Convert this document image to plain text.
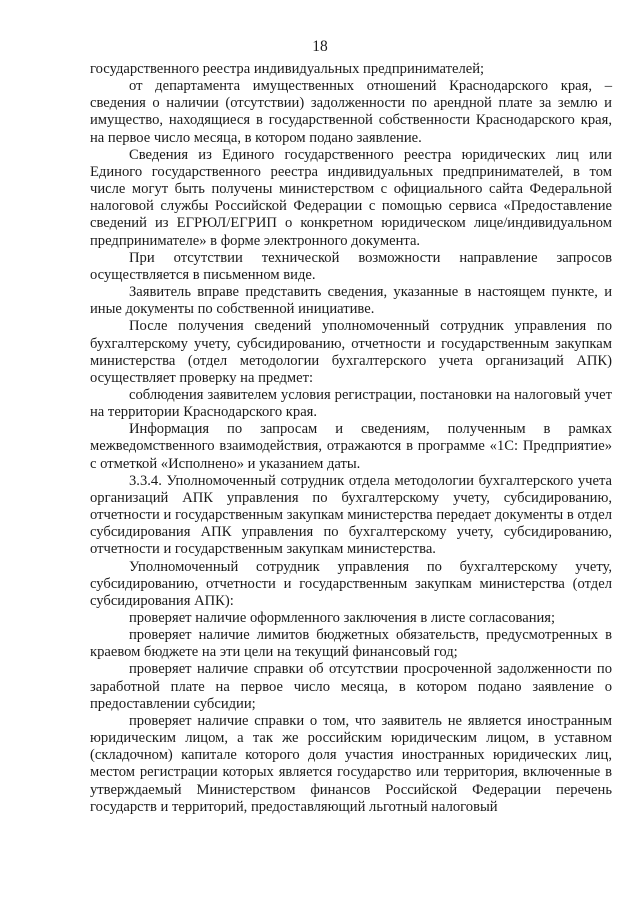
18

государственного реестра индивидуальных предпринимателей;

от департамента имущественных отношений Краснодарского края, – сведения о наличии (отсутствии) задолженности по арендной плате за землю и имущество, находящиеся в государственной собственности Краснодарского края, на первое число месяца, в котором подано заявление.

Сведения из Единого государственного реестра юридических лиц или Единого государственного реестра индивидуальных предпринимателей, в том числе могут быть получены министерством с официального сайта Федеральной налоговой службы Российской Федерации с помощью сервиса «Предоставление сведений из ЕГРЮЛ/ЕГРИП о конкретном юридическом лице/индивидуальном предпринимателе» в форме электронного документа.

При отсутствии технической возможности направление запросов осуществляется в письменном виде.

Заявитель вправе представить сведения, указанные в настоящем пункте, и иные документы по собственной инициативе.

После получения сведений уполномоченный сотрудник управления по бухгалтерскому учету, субсидированию, отчетности и государственным закупкам министерства (отдел методологии бухгалтерского учета организаций АПК) осуществляет проверку на предмет:

соблюдения заявителем условия регистрации, постановки на налоговый учет на территории Краснодарского края.

Информация по запросам и сведениям, полученным в рамках межведомственного взаимодействия, отражаются в программе «1С: Предприятие» с отметкой «Исполнено» и указанием даты.

3.3.4. Уполномоченный сотрудник отдела методологии бухгалтерского учета организаций АПК управления по бухгалтерскому учету, субсидированию, отчетности и государственным закупкам министерства передает документы в отдел субсидирования АПК управления по бухгалтерскому учету, субсидированию, отчетности и государственным закупкам министерства.

Уполномоченный сотрудник управления по бухгалтерскому учету, субсидированию, отчетности и государственным закупкам министерства (отдел субсидирования АПК):

проверяет наличие оформленного заключения в листе согласования;

проверяет наличие лимитов бюджетных обязательств, предусмотренных в краевом бюджете на эти цели на текущий финансовый год;

проверяет наличие справки об отсутствии просроченной задолженности по заработной плате на первое число месяца, в котором подано заявление о предоставлении субсидии;

проверяет наличие справки о том, что заявитель не является иностранным юридическим лицом, а так же российским юридическим лицом, в уставном (складочном) капитале которого доля участия иностранных юридических лиц, местом регистрации которых является государство или территория, включенные в утверждаемый Министерством финансов Российской Федерации перечень государств и территорий, предоставляющий льготный налоговый
